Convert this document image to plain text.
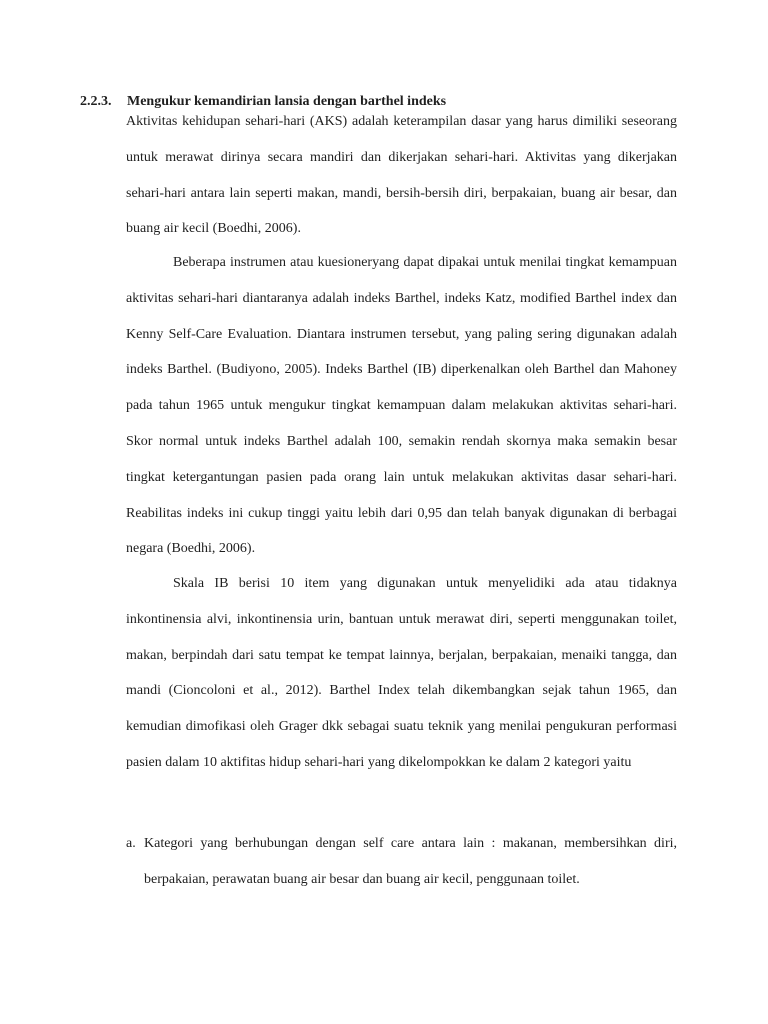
2.2.3. Mengukur kemandirian lansia dengan barthel indeks

Aktivitas kehidupan sehari-hari (AKS) adalah keterampilan dasar yang harus dimiliki seseorang untuk merawat dirinya secara mandiri dan dikerjakan sehari-hari. Aktivitas yang dikerjakan sehari-hari antara lain seperti makan, mandi, bersih-bersih diri, berpakaian, buang air besar, dan buang air kecil (Boedhi, 2006).

Beberapa instrumen atau kuesioneryang dapat dipakai untuk menilai tingkat kemampuan aktivitas sehari-hari diantaranya adalah indeks Barthel, indeks Katz, modified Barthel index dan Kenny Self-Care Evaluation. Diantara instrumen tersebut, yang paling sering digunakan adalah indeks Barthel. (Budiyono, 2005). Indeks Barthel (IB) diperkenalkan oleh Barthel dan Mahoney pada tahun 1965 untuk mengukur tingkat kemampuan dalam melakukan aktivitas sehari-hari. Skor normal untuk indeks Barthel adalah 100, semakin rendah skornya maka semakin besar tingkat ketergantungan pasien pada orang lain untuk melakukan aktivitas dasar sehari-hari. Reabilitas indeks ini cukup tinggi yaitu lebih dari 0,95 dan telah banyak digunakan di berbagai negara (Boedhi, 2006).

Skala IB berisi 10 item yang digunakan untuk menyelidiki ada atau tidaknya inkontinensia alvi, inkontinensia urin, bantuan untuk merawat diri, seperti menggunakan toilet, makan, berpindah dari satu tempat ke tempat lainnya, berjalan, berpakaian, menaiki tangga, dan mandi (Cioncoloni et al., 2012). Barthel Index telah dikembangkan sejak tahun 1965, dan kemudian dimofikasi oleh Grager dkk sebagai suatu teknik yang menilai pengukuran performasi pasien dalam 10 aktifitas hidup sehari-hari yang dikelompokkan ke dalam 2 kategori yaitu

a. Kategori yang berhubungan dengan self care antara lain : makanan, membersihkan diri, berpakaian, perawatan buang air besar dan buang air kecil, penggunaan toilet.
